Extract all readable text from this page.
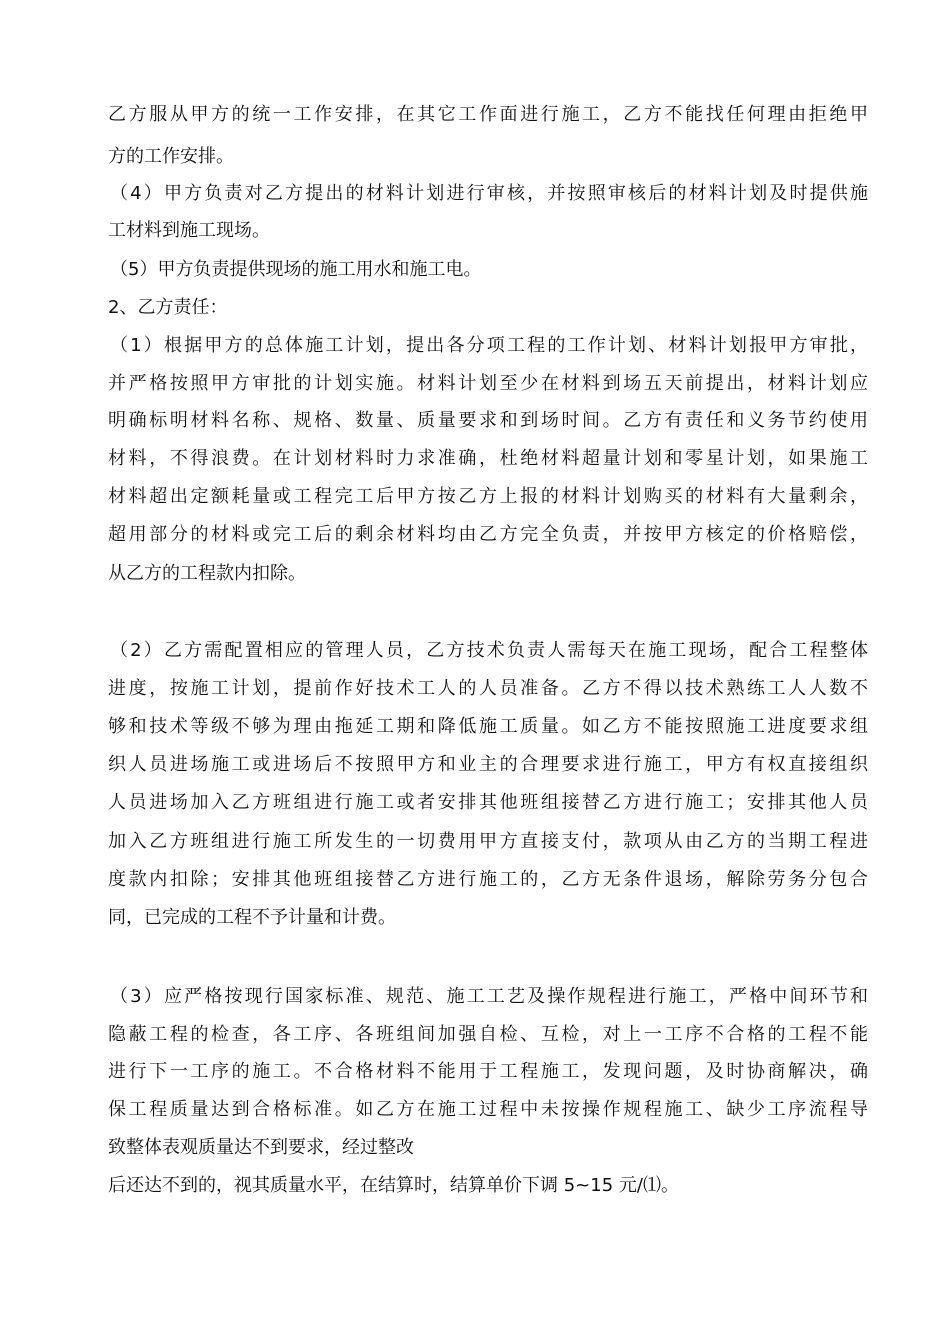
乙方服从甲方的统一工作安排，在其它工作面进行施工，乙方不能找任何理由拒绝甲
方的工作安排。
（4）甲方负责对乙方提出的材料计划进行审核，并按照审核后的材料计划及时提供施
工材料到施工现场。
（5）甲方负责提供现场的施工用水和施工电。
2、乙方责任：
（1）根据甲方的总体施工计划，提出各分项工程的工作计划、材料计划报甲方审批，
并严格按照甲方审批的计划实施。材料计划至少在材料到场五天前提出，材料计划应
明确标明材料名称、规格、数量、质量要求和到场时间。乙方有责任和义务节约使用
材料，不得浪费。在计划材料时力求准确，杜绝材料超量计划和零星计划，如果施工
材料超出定额耗量或工程完工后甲方按乙方上报的材料计划购买的材料有大量剩余，
超用部分的材料或完工后的剩余材料均由乙方完全负责，并按甲方核定的价格赔偿，
从乙方的工程款内扣除。
（2）乙方需配置相应的管理人员，乙方技术负责人需每天在施工现场，配合工程整体
进度，按施工计划，提前作好技术工人的人员准备。乙方不得以技术熟练工人人数不
够和技术等级不够为理由拖延工期和降低施工质量。如乙方不能按照施工进度要求组
织人员进场施工或进场后不按照甲方和业主的合理要求进行施工，甲方有权直接组织
人员进场加入乙方班组进行施工或者安排其他班组接替乙方进行施工；安排其他人员
加入乙方班组进行施工所发生的一切费用甲方直接支付，款项从由乙方的当期工程进
度款内扣除；安排其他班组接替乙方进行施工的，乙方无条件退场，解除劳务分包合
同，已完成的工程不予计量和计费。
（3）应严格按现行国家标准、规范、施工工艺及操作规程进行施工，严格中间环节和
隐蔽工程的检查，各工序、各班组间加强自检、互检，对上一工序不合格的工程不能
进行下一工序的施工。不合格材料不能用于工程施工，发现问题，及时协商解决，确
保工程质量达到合格标准。如乙方在施工过程中未按操作规程施工、缺少工序流程导
致整体表观质量达不到要求，经过整改
后还达不到的，视其质量水平，在结算时，结算单价下调 5~15 元/⑴。
